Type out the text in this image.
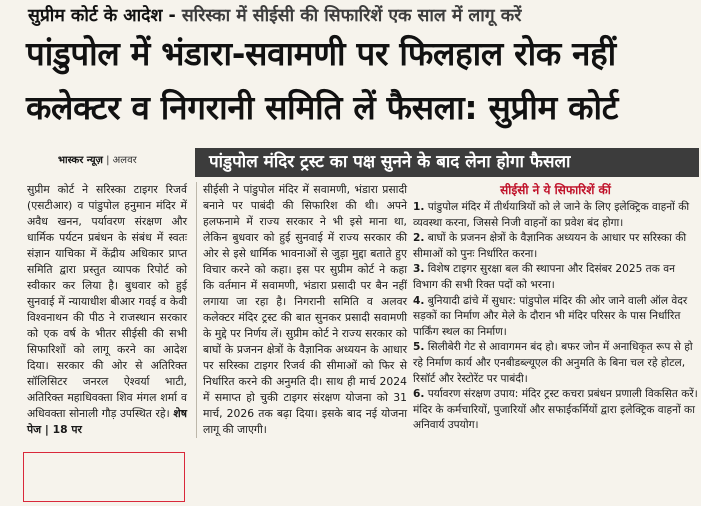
सुप्रीम कोर्ट के आदेश - सरिस्का में सीईसी की सिफारिशें एक साल में लागू करें
पांडुपोल में भंडारा-सवामणी पर फिलहाल रोक नहीं
कलेक्टर व निगरानी समिति लें फैसला: सुप्रीम कोर्ट
भास्कर न्यूज़ | अलवर	पांडुपोल मंदिर ट्रस्ट का पक्ष सुनने के बाद लेना होगा फैसला

सुप्रीम कोर्ट ने सरिस्का टाइगर रिजर्व (एसटीआर) व पांडुपोल हनुमान मंदिर में अवैध खनन, पर्यावरण संरक्षण और धार्मिक पर्यटन प्रबंधन के संबंध में स्वतः संज्ञान याचिका में केंद्रीय अधिकार प्राप्त समिति द्वारा प्रस्तुत व्यापक रिपोर्ट को स्वीकार कर लिया है। बुधवार को हुई सुनवाई में न्यायाधीश बीआर गवई व केवी विश्वनाथन की पीठ ने राजस्थान सरकार को एक वर्ष के भीतर सीईसी की सभी सिफारिशों को लागू करने का आदेश दिया। सरकार की ओर से अतिरिक्त सॉलिसिटर जनरल ऐश्वर्या भाटी, अतिरिक्त महाधिवक्ता शिव मंगल शर्मा व अधिवक्ता सोनाली गौड़ उपस्थित रहे। शेष पेज | 18 पर

सीईसी ने पांडुपोल मंदिर में सवामणी, भंडारा प्रसादी बनाने पर पाबंदी की सिफारिश की थी। अपने हलफनामे में राज्य सरकार ने भी इसे माना था, लेकिन बुधवार को हुई सुनवाई में राज्य सरकार की ओर से इसे धार्मिक भावनाओं से जुड़ा मुद्दा बताते हुए विचार करने को कहा। इस पर सुप्रीम कोर्ट ने कहा कि वर्तमान में सवामणी, भंडारा प्रसादी पर बैन नहीं लगाया जा रहा है। निगरानी समिति व अलवर कलेक्टर मंदिर ट्रस्ट की बात सुनकर प्रसादी सवामणी के मुद्दे पर निर्णय लें। सुप्रीम कोर्ट ने राज्य सरकार को बाघों के प्रजनन क्षेत्रों के वैज्ञानिक अध्ययन के आधार पर सरिस्का टाइगर रिजर्व की सीमाओं को फिर से निर्धारित करने की अनुमति दी। साथ ही मार्च 2024 में समाप्त हो चुकी टाइगर संरक्षण योजना को 31 मार्च, 2026 तक बढ़ा दिया। इसके बाद नई योजना लागू की जाएगी।

सीईसी ने ये सिफारिशें कीं

1. पांडुपोल मंदिर में तीर्थयात्रियों को ले जाने के लिए इलेक्ट्रिक वाहनों की व्यवस्था करना, जिससे निजी वाहनों का प्रवेश बंद होगा।

2. बाघों के प्रजनन क्षेत्रों के वैज्ञानिक अध्ययन के आधार पर सरिस्का की सीमाओं को पुनः निर्धारित करना।

3. विशेष टाइगर सुरक्षा बल की स्थापना और दिसंबर 2025 तक वन विभाग की सभी रिक्त पदों को भरना।

4. बुनियादी ढांचे में सुधार: पांडुपोल मंदिर की ओर जाने वाली ऑल वेदर सड़कों का निर्माण और मेले के दौरान भी मंदिर परिसर के पास निर्धारित पार्किंग स्थल का निर्माण।

5. सिलीबेरी गेट से आवागमन बंद हो। बफर जोन में अनाधिकृत रूप से हो रहे निर्माण कार्य और एनबीडब्ल्यूएल की अनुमति के बिना चल रहे होटल, रिसॉर्ट और रेस्टोरेंट पर पाबंदी।

6. पर्यावरण संरक्षण उपाय: मंदिर ट्रस्ट कचरा प्रबंधन प्रणाली विकसित करें। मंदिर के कर्मचारियों, पुजारियों और सफाईकर्मियों द्वारा इलेक्ट्रिक वाहनों का अनिवार्य उपयोग।
